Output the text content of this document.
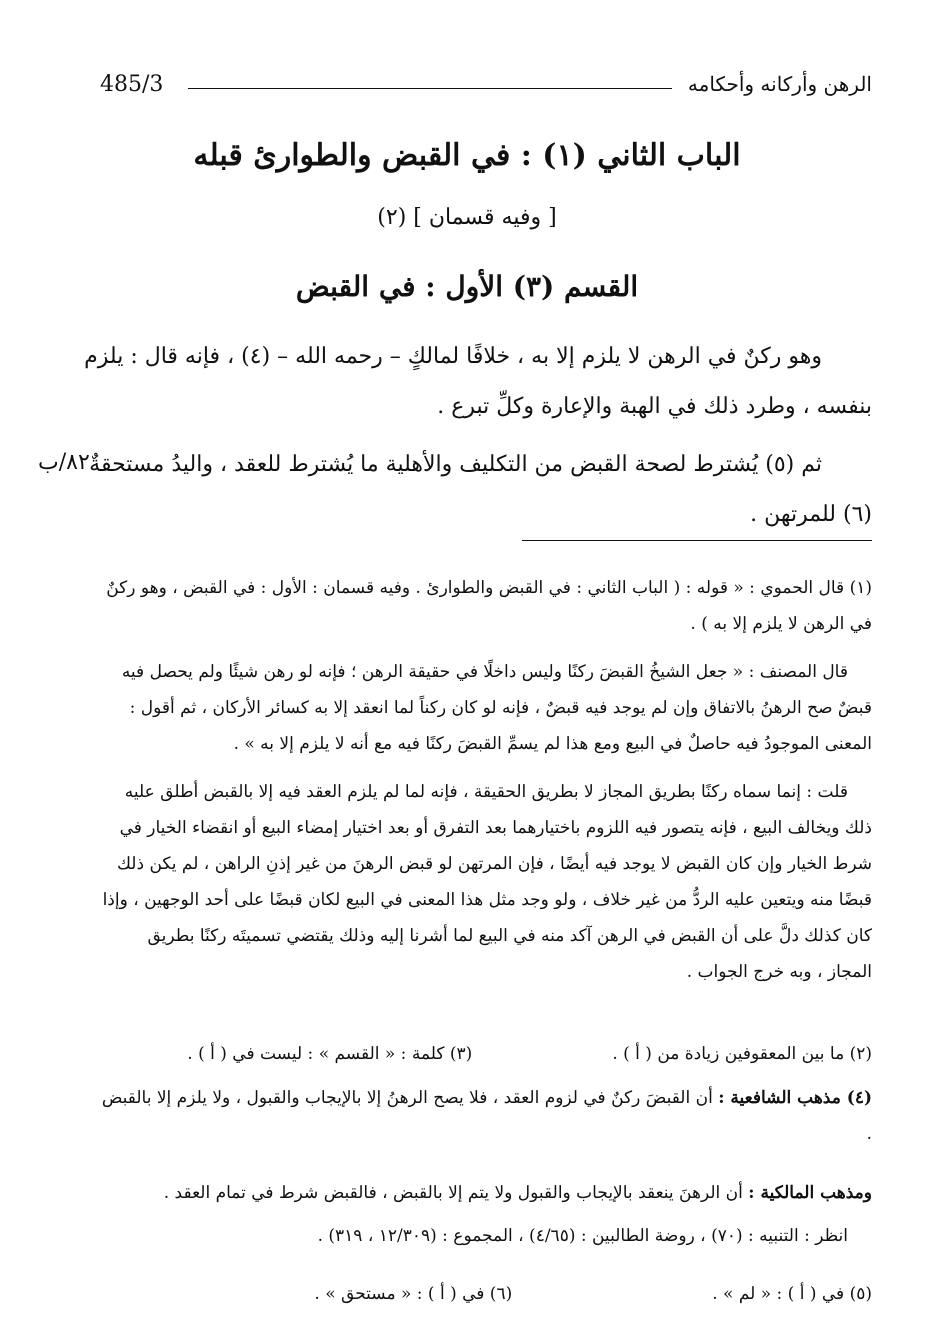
485/3	الرهن وأركانه وأحكامه
الباب الثاني (١) : في القبض والطوارئ قبله
[ وفيه قسمان ] (٢)
القسم (٣) الأول : في القبض
وهو ركنٌ في الرهن لا يلزم إلا به ، خلافًا لمالكٍ – رحمه الله – (٤) ، فإنه قال : يلزم بنفسه ، وطرد ذلك في الهبة والإعارة وكلِّ تبرع .
ثم (٥) يُشترط لصحة القبض من التكليف والأهلية ما يُشترط للعقد ، واليدُ مستحقةٌ (٦) للمرتهن .
٨٢/ب
(١) قال الحموي : « قوله : ( الباب الثاني : في القبض والطوارئ . وفيه قسمان : الأول : في القبض ، وهو ركنٌ في الرهن لا يلزم إلا به ) .
قال المصنف : « جعل الشيخُ القبضَ ركنًا وليس داخلًا في حقيقة الرهن ؛ فإنه لو رهن شيئًا ولم يحصل فيه قبضٌ صح الرهنُ بالاتفاق وإن لم يوجد فيه قبضٌ ، فإنه لو كان ركناً لما انعقد إلا به كسائر الأركان ، ثم أقول : المعنى الموجودُ فيه حاصلٌ في البيع ومع هذا لم يسمِّ القبضَ ركنًا فيه مع أنه لا يلزم إلا به » .
قلت : إنما سماه ركنًا بطريق المجاز لا بطريق الحقيقة ، فإنه لما لم يلزم العقد فيه إلا بالقبض أطلق عليه ذلك ويخالف البيع ، فإنه يتصور فيه اللزوم باختيارهما بعد التفرق أو بعد اختيار إمضاء البيع أو انقضاء الخيار في شرط الخيار وإن كان القبض لا يوجد فيه أيضًا ، فإن المرتهن لو قبض الرهنَ من غير إذنِ الراهن ، لم يكن ذلك قبضًا منه ويتعين عليه الردُّ من غير خلاف ، ولو وجد مثل هذا المعنى في البيع لكان قبضًا على أحد الوجهين ، وإذا كان كذلك دلَّ على أن القبض في الرهن آكد منه في البيع لما أشرنا إليه وذلك يقتضي تسميتَه ركنًا بطريق المجاز ، وبه خرج الجواب .
(٢) ما بين المعقوفين زيادة من ( أ ) .
(٣) كلمة : « القسم » : ليست في ( أ ) .
(٤) مذهب الشافعية : أن القبضَ ركنٌ في لزوم العقد ، فلا يصح الرهنُ إلا بالإيجاب والقبول ، ولا يلزم إلا بالقبض .
ومذهب المالكية : أن الرهنَ ينعقد بالإيجاب والقبول ولا يتم إلا بالقبض ، فالقبض شرط في تمام العقد .
انظر : التنبيه : (٧٠) ، روضة الطالبين : (٤/٦٥) ، المجموع : (١٢/٣٠٩ ، ٣١٩) .
(٥) في ( أ ) : « لم » .
(٦) في ( أ ) : « مستحق » .
